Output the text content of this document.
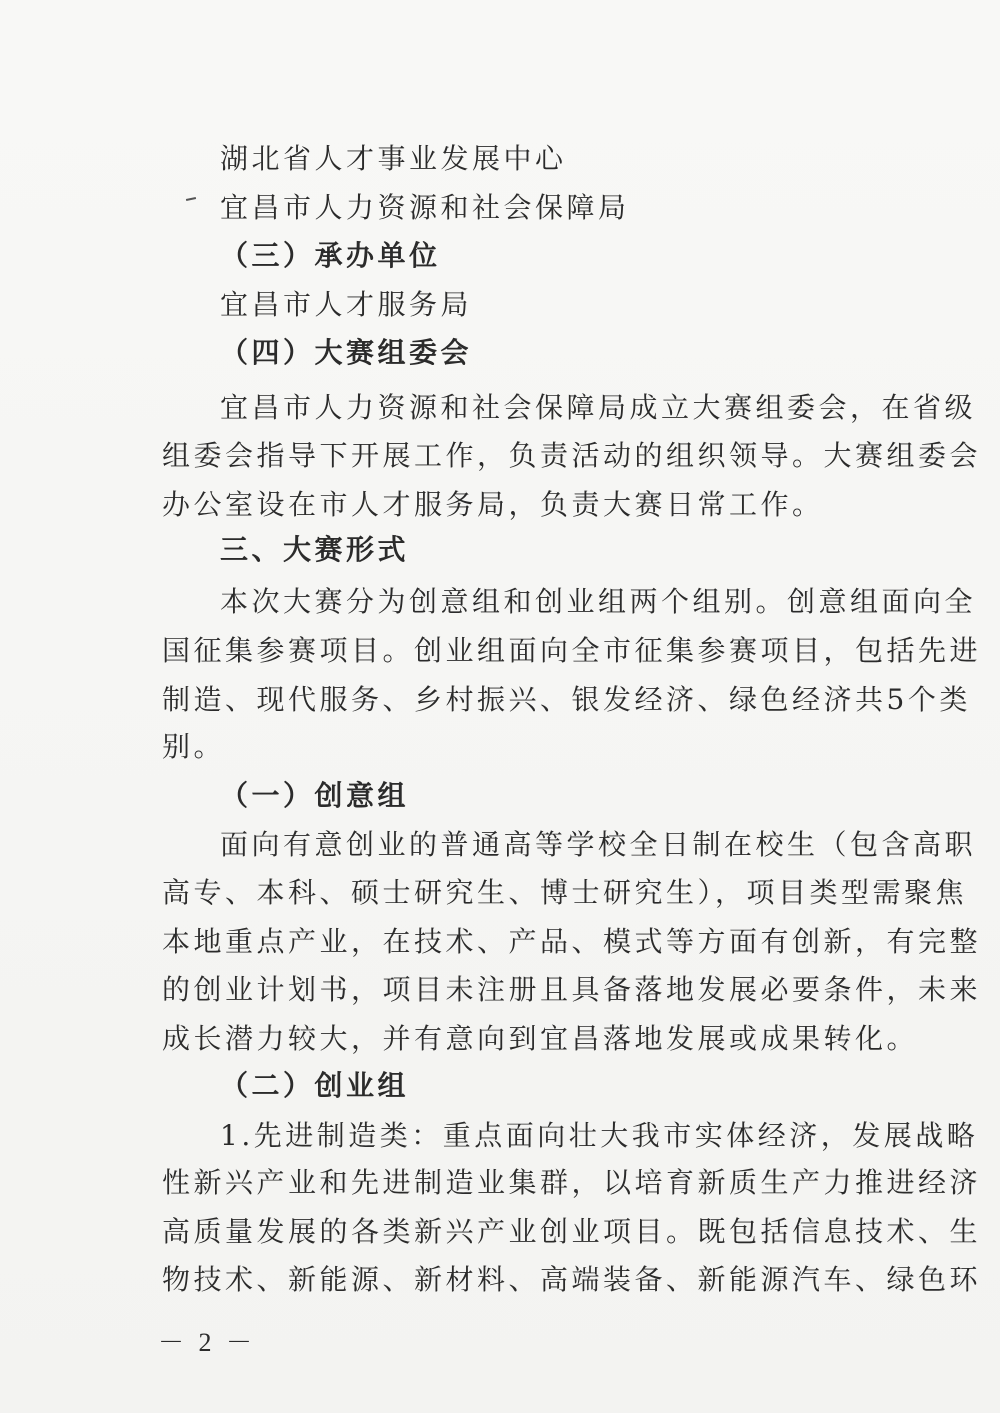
湖北省人才事业发展中心
宜昌市人力资源和社会保障局
（三）承办单位
宜昌市人才服务局
（四）大赛组委会
宜昌市人力资源和社会保障局成立大赛组委会，在省级
组委会指导下开展工作，负责活动的组织领导。大赛组委会
办公室设在市人才服务局，负责大赛日常工作。
三、大赛形式
本次大赛分为创意组和创业组两个组别。创意组面向全
国征集参赛项目。创业组面向全市征集参赛项目，包括先进
制造、现代服务、乡村振兴、银发经济、绿色经济共5个类
别。
（一）创意组
面向有意创业的普通高等学校全日制在校生（包含高职
高专、本科、硕士研究生、博士研究生），项目类型需聚焦
本地重点产业，在技术、产品、模式等方面有创新，有完整
的创业计划书，项目未注册且具备落地发展必要条件，未来
成长潜力较大，并有意向到宜昌落地发展或成果转化。
（二）创业组
1.先进制造类：重点面向壮大我市实体经济，发展战略
性新兴产业和先进制造业集群，以培育新质生产力推进经济
高质量发展的各类新兴产业创业项目。既包括信息技术、生
物技术、新能源、新材料、高端装备、新能源汽车、绿色环
－ 2 －
